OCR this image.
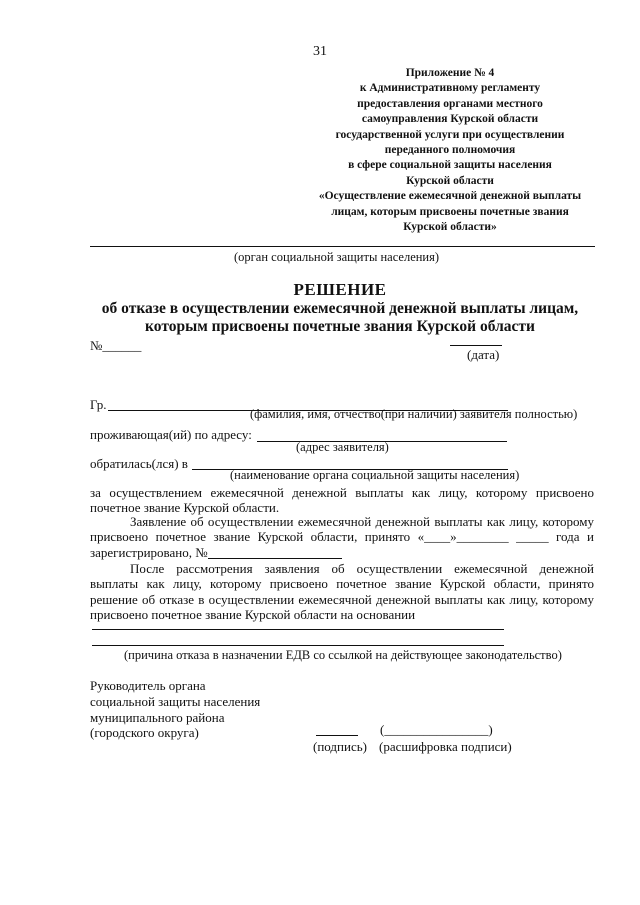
31
Приложение № 4
к Административному регламенту
предоставления органами местного
самоуправления Курской области
государственной услуги при осуществлении
переданного полномочия
в сфере социальной защиты населения
Курской области
«Осуществление ежемесячной денежной выплаты
лицам, которым присвоены почетные звания
Курской области»
(орган социальной защиты населения)
РЕШЕНИЕ
об отказе в осуществлении ежемесячной денежной выплаты лицам,
которым присвоены почетные звания Курской области
№______
(дата)
Гр.
(фамилия, имя, отчество(при наличии) заявителя полностью)
проживающая(ий) по адресу:
(адрес заявителя)
обратилась(лся) в
(наименование органа социальной защиты населения)
за осуществлением ежемесячной денежной выплаты как лицу, которому присвоено
почетное звание Курской области.
Заявление об осуществлении ежемесячной денежной выплаты как лицу, которому
присвоено почетное звание Курской области, принято «____»________ _____ года и
зарегистрировано, №
После рассмотрения заявления об осуществлении ежемесячной денежной
выплаты как лицу, которому присвоено почетное звание Курской области, принято
решение об отказе в осуществлении ежемесячной денежной выплаты как лицу, которому
присвоено почетное звание Курской области на основании
(причина отказа в назначении ЕДВ со ссылкой на действующее законодательство)
Руководитель органа
социальной защиты населения
муниципального района
(городского округа)	(________________)
(подпись) (расшифровка подписи)
